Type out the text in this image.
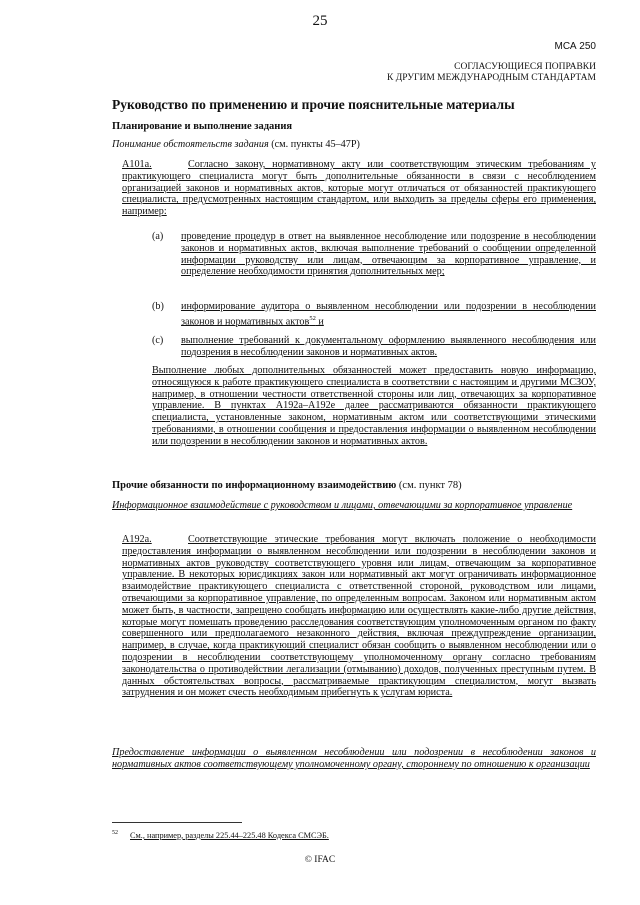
25
МСА 250
СОГЛАСУЮЩИЕСЯ ПОПРАВКИ
К ДРУГИМ МЕЖДУНАРОДНЫМ СТАНДАРТАМ
Руководство по применению и прочие пояснительные материалы
Планирование и выполнение задания
Понимание обстоятельств задания (см. пункты 45–47Р)
A101a.	Согласно закону, нормативному акту или соответствующим этическим требованиям у практикующего специалиста могут быть дополнительные обязанности в связи с несоблюдением организацией законов и нормативных актов, которые могут отличаться от обязанностей практикующего специалиста, предусмотренных настоящим стандартом, или выходить за пределы сферы его применения, например:
(a) проведение процедур в ответ на выявленное несоблюдение или подозрение в несоблюдении законов и нормативных актов, включая выполнение требований о сообщении определенной информации руководству или лицам, отвечающим за корпоративное управление, и определение необходимости принятия дополнительных мер;
(b) информирование аудитора о выявленном несоблюдении или подозрении в несоблюдении законов и нормативных актов$^{52}$ и
(c) выполнение требований к документальному оформлению выявленного несоблюдения или подозрения в несоблюдении законов и нормативных актов.
Выполнение любых дополнительных обязанностей может предоставить новую информацию, относящуюся к работе практикующего специалиста в соответствии с настоящим и другими МСЗОУ, например, в отношении честности ответственной стороны или лиц, отвечающих за корпоративное управление. В пунктах A192a–A192e далее рассматриваются обязанности практикующего специалиста, установленные законом, нормативным актом или соответствующими этическими требованиями, в отношении сообщения и предоставления информации о выявленном несоблюдении или подозрении в несоблюдении законов и нормативных актов.
Прочие обязанности по информационному взаимодействию (см. пункт 78)
Информационное взаимодействие с руководством и лицами, отвечающими за корпоративное управление
A192a.	Соответствующие этические требования могут включать положение о необходимости предоставления информации о выявленном несоблюдении или подозрении в несоблюдении законов и нормативных актов руководству соответствующего уровня или лицам, отвечающим за корпоративное управление. В некоторых юрисдикциях закон или нормативный акт могут ограничивать информационное взаимодействие практикующего специалиста с ответственной стороной, руководством или лицами, отвечающими за корпоративное управление, по определенным вопросам. Законом или нормативным актом может быть, в частности, запрещено сообщать информацию или осуществлять какие-либо другие действия, которые могут помешать проведению расследования соответствующим уполномоченным органом по факту совершенного или предполагаемого незаконного действия, включая преждупреждение организации, например, в случае, когда практикующий специалист обязан сообщить о выявленном несоблюдении или о подозрении в несоблюдении соответствующему уполномоченному органу согласно требованиям законодательства о противодействии легализации (отмыванию) доходов, полученных преступным путем. В данных обстоятельствах вопросы, рассматриваемые практикующим специалистом, могут вызвать затруднения и он может счесть необходимым прибегнуть к услугам юриста.
Предоставление информации о выявленном несоблюдении или подозрении в несоблюдении законов и нормативных актов соответствующему уполномоченному органу, стороннему по отношению к организации
$^{52}$ См., например, разделы 225.44–225.48 Кодекса СМСЭБ.
© IFAC
